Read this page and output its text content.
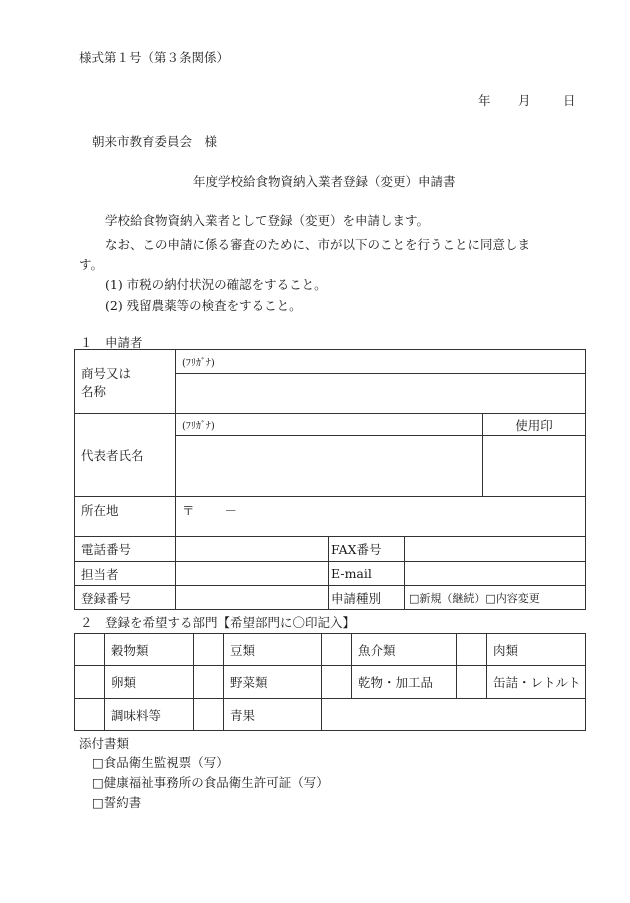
様式第１号（第３条関係）
年 月	日
朝来市教育委員会　様
年度学校給食物資納入業者登録（変更）申請書
学校給食物資納入業者として登録（変更）を申請します。
なお、この申請に係る審査のために、市が以下のことを行うことに同意しま
す。
(1) 市税の納付状況の確認をすること。
(2) 残留農薬等の検査をすること。
１　申請者
商号又は
名称	(ﾌﾘｶﾞﾅ)			

代表者氏名	(ﾌﾘｶﾞﾅ)			使用印

所在地	〒 －			
電話番号		FAX番号		
担当者		E-mail		
登録番号		申請種別	□新規（継続）□内容変更	
２　登録を希望する部門【希望部門に〇印記入】
	穀物類		豆類		魚介類		肉類
	卵類		野菜類		乾物・加工品		缶詰・レトルト
	調味料等		青果				
添付書類
□食品衛生監視票（写）
□健康福祉事務所の食品衛生許可証（写）
□誓約書
